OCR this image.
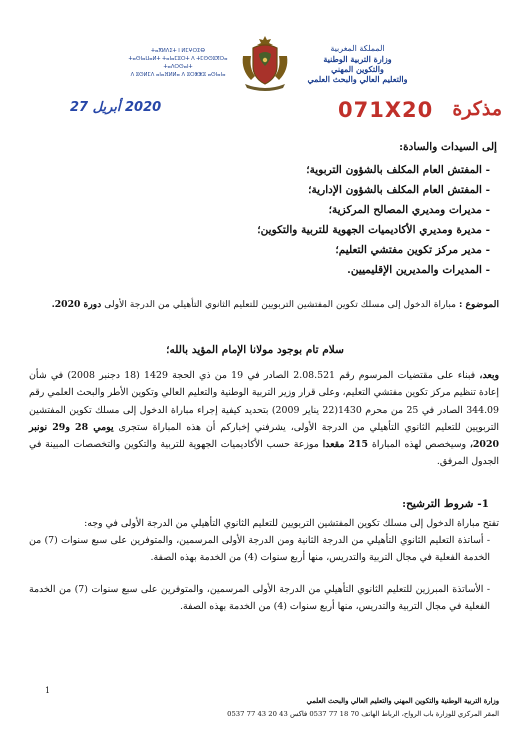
ⵜⴰⴳⵍⴷⵉⵜ ⵏ ⵍⵎⵖⵔⵉⴱ
ⵜⴰⵙⵏⴰⵡⴰⵍⵜ ⵜⴰⵏⴰⵎⵓⵔⵜ ⴷ ⵜⵎⵙⵙⵓⴳⵔⴰ ⵜⴰⴷⵔⵙⴰⵏⵜ
ⴷ ⵓⵙⵍⵎⴷ ⴰⵏⴰⴼⵍⵍⴰ ⴷ ⵓⵔⵣⵣⵓ ⴰⵙⵏⴰⵏⴰ
المملكة المغربية
وزارة التربية الوطنية
والتكوين المهني
والتعليم العالي والبحث العلمي
2020 أبريل 27	071X20	مذكرة
إلى السيدات والسادة:
- المفتش العام المكلف بالشؤون التربوية؛
- المفتش العام المكلف بالشؤون الإدارية؛
- مديرات ومديري المصالح المركزية؛
- مديرة ومديري الأكاديميات الجهوية للتربية والتكوين؛
- مدير مركز تكوين مفتشي التعليم؛
- المديرات والمديرين الإقليميين.
الموضوع : مباراة الدخول إلى مسلك تكوين المفتشين التربويين للتعليم الثانوي التأهيلي من الدرجة الأولى دورة 2020.
سلام تام بوجود مولانا الإمام المؤيد بالله؛
وبعد، فبناء على مقتضيات المرسوم رقم 2.08.521 الصادر في 19 من ذي الحجة 1429 (18 دجنبر 2008) في شأن إعادة تنظيم مركز تكوين مفتشي التعليم، وعلى قرار وزير التربية الوطنية والتعليم العالي وتكوين الأطر والبحث العلمي رقم 344.09 الصادر في 25 من محرم 1430(22 يناير 2009) بتحديد كيفية إجراء مباراة الدخول إلى مسلك تكوين المفتشين التربويين للتعليم الثانوي التأهيلي من الدرجة الأولى، يشرفني إخباركم أن هذه المباراة ستجرى يومي 28 و29 نونبر 2020، وسيخصص لهذه المباراة 215 مقعدا موزعة حسب الأكاديميات الجهوية للتربية والتكوين والتخصصات المبينة في الجدول المرفق.
1- شروط الترشيح:
تفتح مباراة الدخول إلى مسلك تكوين المفتشين التربويين للتعليم الثانوي التأهيلي من الدرجة الأولى في وجه:
- أساتذة التعليم الثانوي التأهيلي من الدرجة الثانية ومن الدرجة الأولى المرسمين، والمتوفرين على سبع سنوات (7) من الخدمة الفعلية في مجال التربية والتدريس، منها أربع سنوات (4) من الخدمة بهذه الصفة.
- الأساتذة المبرزين للتعليم الثانوي التأهيلي من الدرجة الأولى المرسمين، والمتوفرين على سبع سنوات (7) من الخدمة الفعلية في مجال التربية والتدريس، منها أربع سنوات (4) من الخدمة بهذه الصفة.
1
وزارة التربية الوطنية والتكوين المهني والتعليم العالي والبحث العلمي
المقر المركزي للوزارة باب الرواح، الرباط الهاتف 70 18 77 0537 فاكس 43 20 43 77 0537
